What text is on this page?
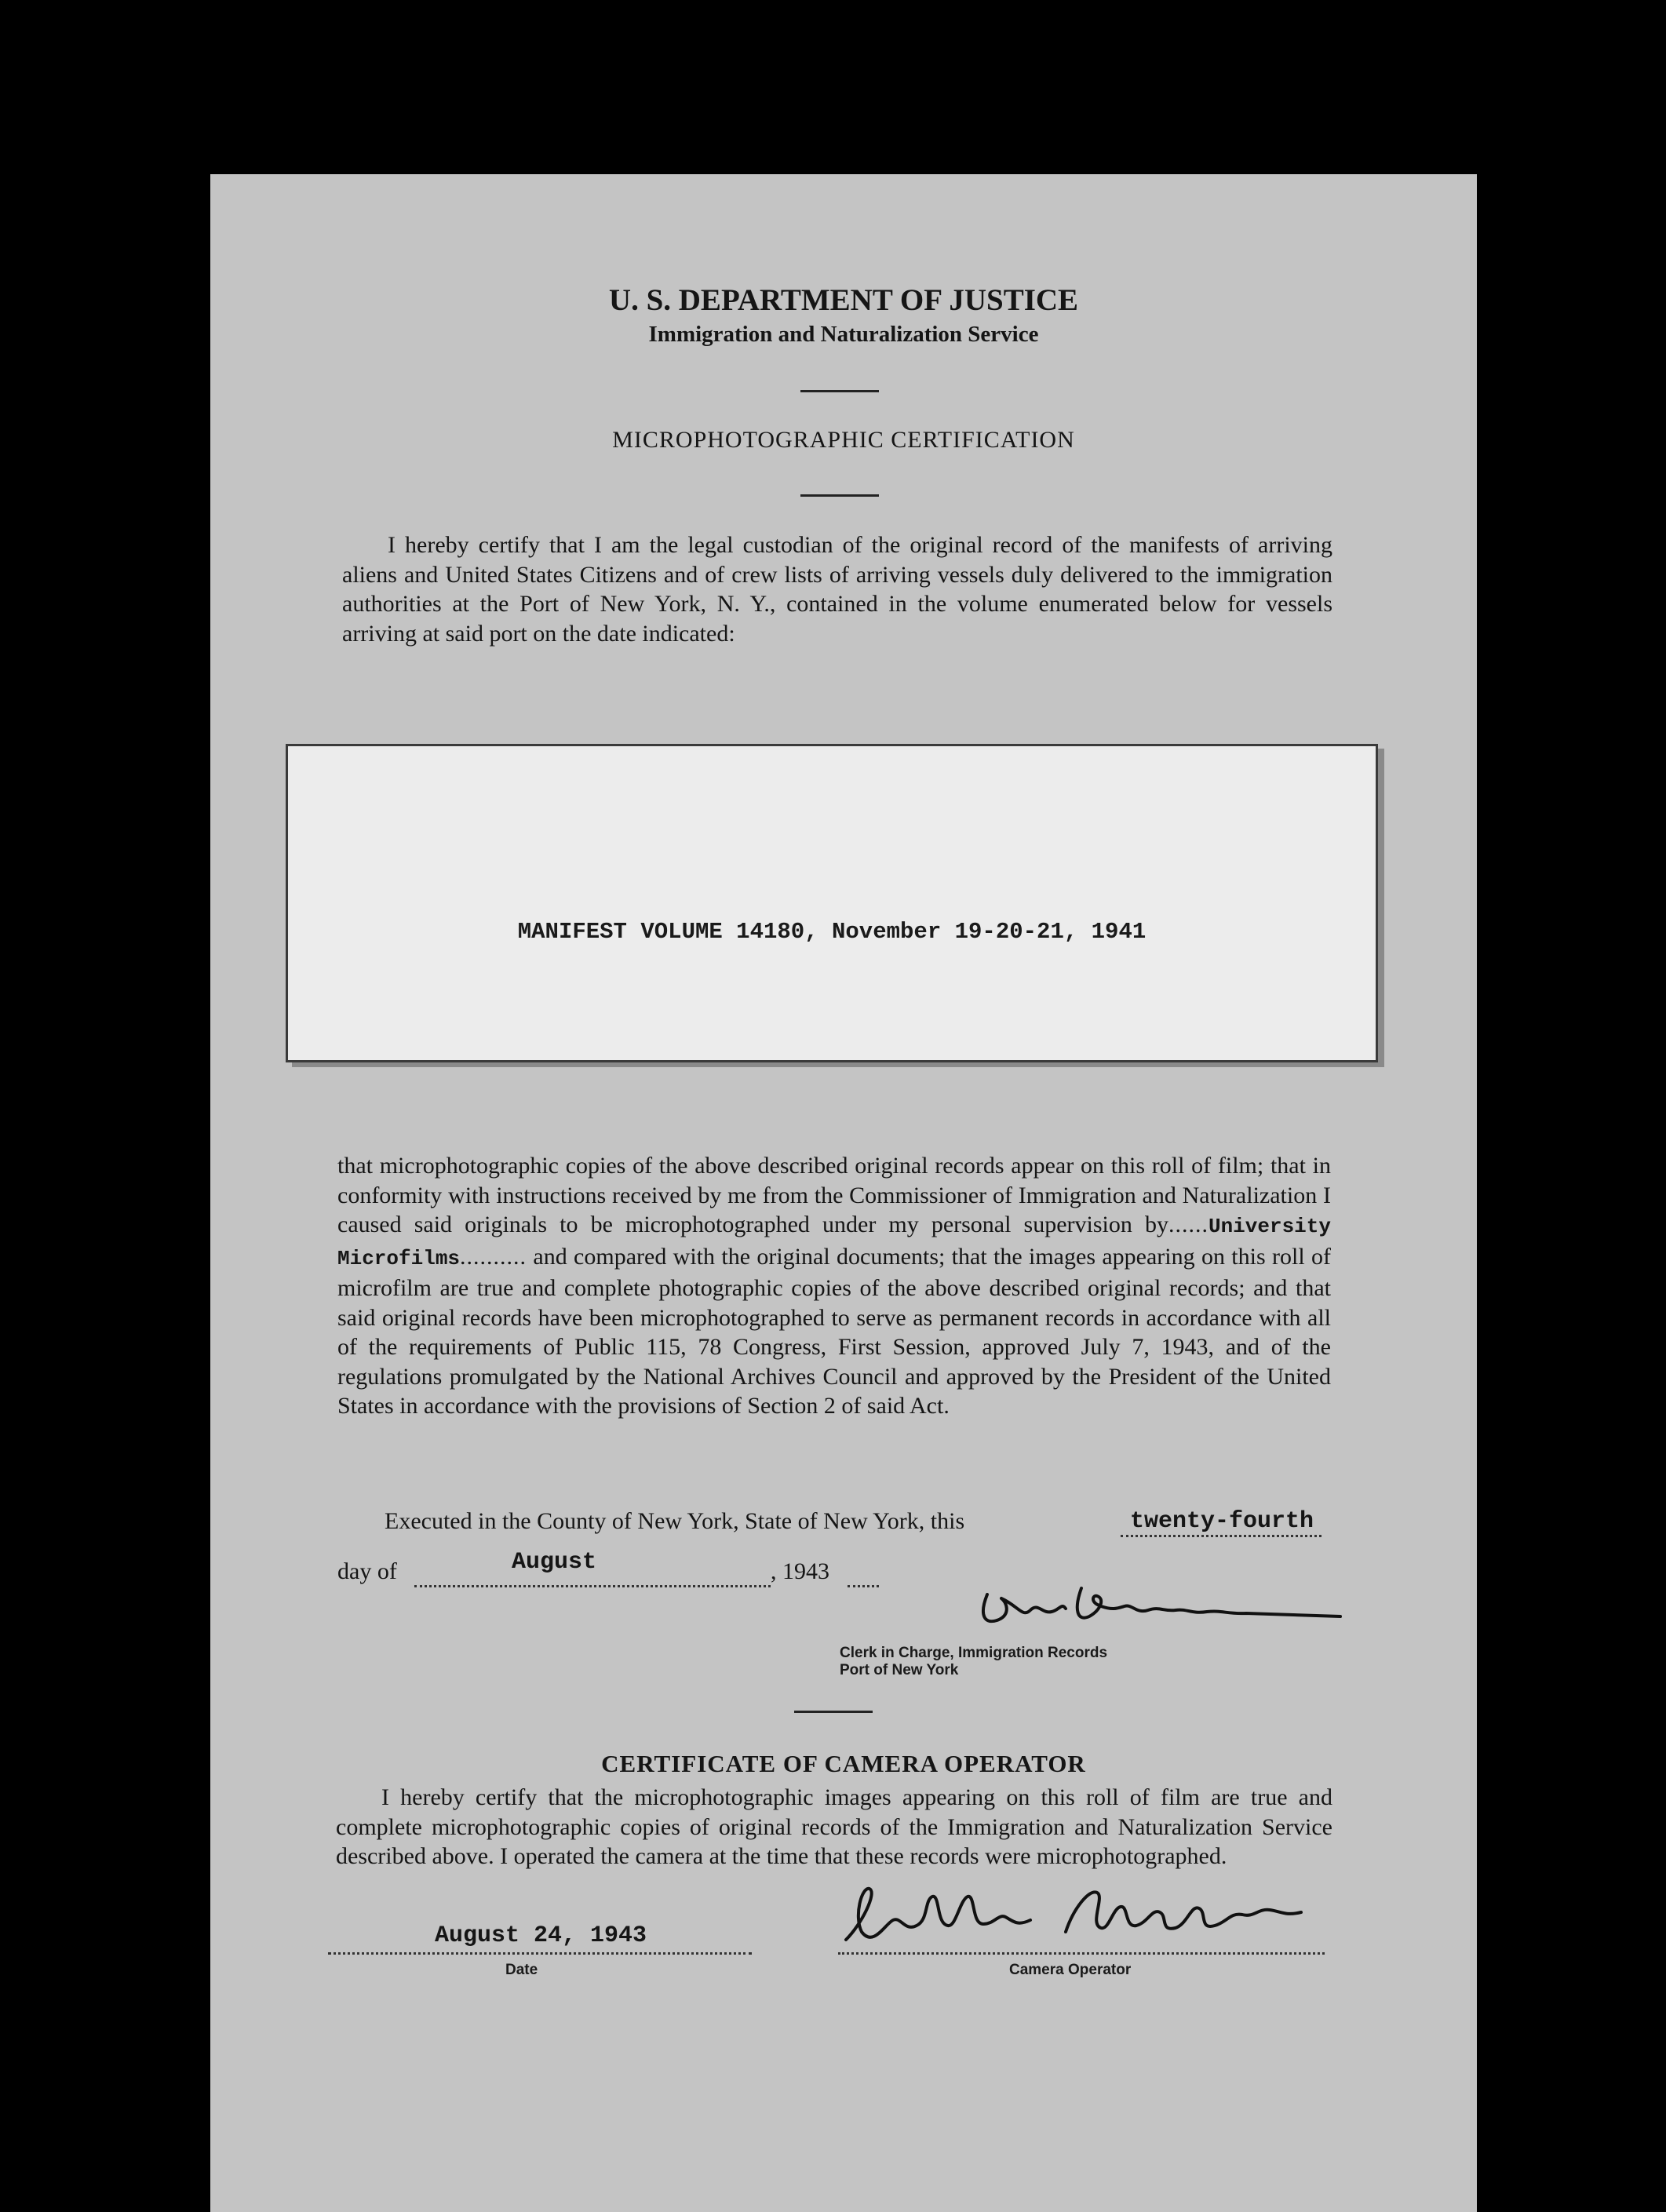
U. S. DEPARTMENT OF JUSTICE
Immigration and Naturalization Service
MICROPHOTOGRAPHIC CERTIFICATION
I hereby certify that I am the legal custodian of the original record of the manifests of arriving aliens and United States Citizens and of crew lists of arriving vessels duly delivered to the immigration authorities at the Port of New York, N. Y., contained in the volume enumerated below for vessels arriving at said port on the date indicated:
MANIFEST VOLUME 14180, November 19-20-21, 1941
that microphotographic copies of the above described original records appear on this roll of film; that in conformity with instructions received by me from the Commissioner of Immigration and Naturalization I caused said originals to be microphotographed under my personal supervision by......University Microfilms.......... and compared with the original documents; that the images appearing on this roll of microfilm are true and complete photographic copies of the above described original records; and that said original records have been microphotographed to serve as permanent records in accordance with all of the requirements of Public 115, 78 Congress, First Session, approved July 7, 1943, and of the regulations promulgated by the National Archives Council and approved by the President of the United States in accordance with the provisions of Section 2 of said Act.
Executed in the County of New York, State of New York, this	twenty-fourth
day of	August	, 1943
Clerk in Charge, Immigration Records
Port of New York
CERTIFICATE OF CAMERA OPERATOR
I hereby certify that the microphotographic images appearing on this roll of film are true and complete microphotographic copies of original records of the Immigration and Naturalization Service described above. I operated the camera at the time that these records were microphotographed.
August 24, 1943
Date	Camera Operator
